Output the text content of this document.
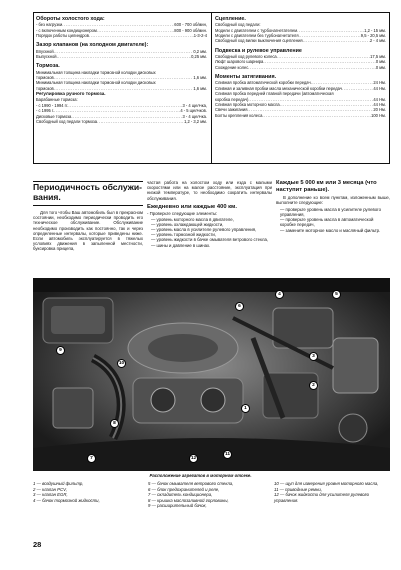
Обороты холостого хода:
- без нагрузки .....	600 - 700 об/мин,
- с включенным кондиционером .....	800 - 900 об/мин.
Порядок работы цилиндров .....	1-3-2-4
Зазор клапанов (на холодном двигателе):
Впускной .....	0,2 мм.
Выпускной .....	0,25 мм.
Тормоза.
Минимальная толщина накладки тормозной колодки дисковых
тормозов .....	1,6 мм.
Минимальная толщина накладки тормозной колодки дисковых
тормозов .....	1,6 мм.
Регулировка ручного тормоза.
Барабанные тормоза:
- с 1990 - 1994 гг. .....	3 - 4 щелчка,
- с 1995 г. .....	4 - 5 щелчков.
Дисковые тормоза .....	3 - 4 щелчка.
Свободный ход педали тормоза .....	1,2 - 3,2 мм.
Сцепление.
Свободный ход педали:
Модели с двигателем с турбонагнетателем .....	1,2 - 15 мм.
Модели с двигателем без турбонагнетателя .....	9,5 - 20,5 мм.
Свободный ход вилки выключения сцепления .....	2 - 4 мм.
Подвеска и рулевое управление
Свободный ход рулевого колеса .....	17,5 мм.
Люфт шарового шарнира .....	0 мм.
Схождение колес .....	0 мм.
Моменты затягивания.
Сливная пробка автоматической коробки передач .....	24 Нм.
Сливная и заливная пробки масла механической коробки передач .....	44 Нм.
Сливная пробка передней главной передачи (автоматическая
коробка передач) .....	44 Нм.
Сливная пробка моторного масла .....	44 Нм.
Свечи зажигания .....	20 Нм.
Болты крепления колеса .....	100 Нм.
Периодичность обслужи-вания.

Для того чтобы Ваш автомобиль был в прекрасном состоянии, необходимо периодически проводить его техническое обслуживание. Обслуживание необходимо производить как постоянно, так и через определенные интервалы, которые приведены ниже. Если автомобиль эксплуатируется в тяжелых условиях движения в запыленной местности, буксировка прицепа,

частая работа на холостом ходу или езда с малыми скоростями или на малое расстояние, эксплуатация при низкой температуре, то необходимо сократить интервалы обслуживания.

Ежедневно или каждые 400 км.
- Проверьте следующие элементы:
— уровень моторного масла в двигателе,
— уровень охлаждающей жидкости,
— уровень масла в усилителе рулевого управления,
— уровень тормозной жидкости,
— уровень жидкости в бачке омывателя ветрового стекла,
— шины и давление в шинах.
Каждые 5 000 км или 3 месяца (что наступит раньше).

В дополнение ко всем пунктам, изложенным выше, выполните следующие:

— проверьте уровень масла в усилителе рулевого управления,
— проверьте уровень масла в автоматической коробке передач,
— замените моторное масло и масляный фильтр.
1
2
3
4	5
6
7
8
9
10
11
12
Расположение агрегатов в моторном отсеке.
1 — воздушный фильтр,
2 — клапан PCV,
3 — клапан EGR,
4 — бачок тормозной жидкости,
5 — бачок омывателя ветрового стекла,
6 — блок предохранителей и реле,
7 — охладитель кондиционера,
8 — крышка маслозаливной горловины,
9 — расширительный бачок,
10 — щуп для измерения уровня моторного масла,
11 — приводные ремни,
12 — бачок жидкости для усилителя рулевого управления.
28
